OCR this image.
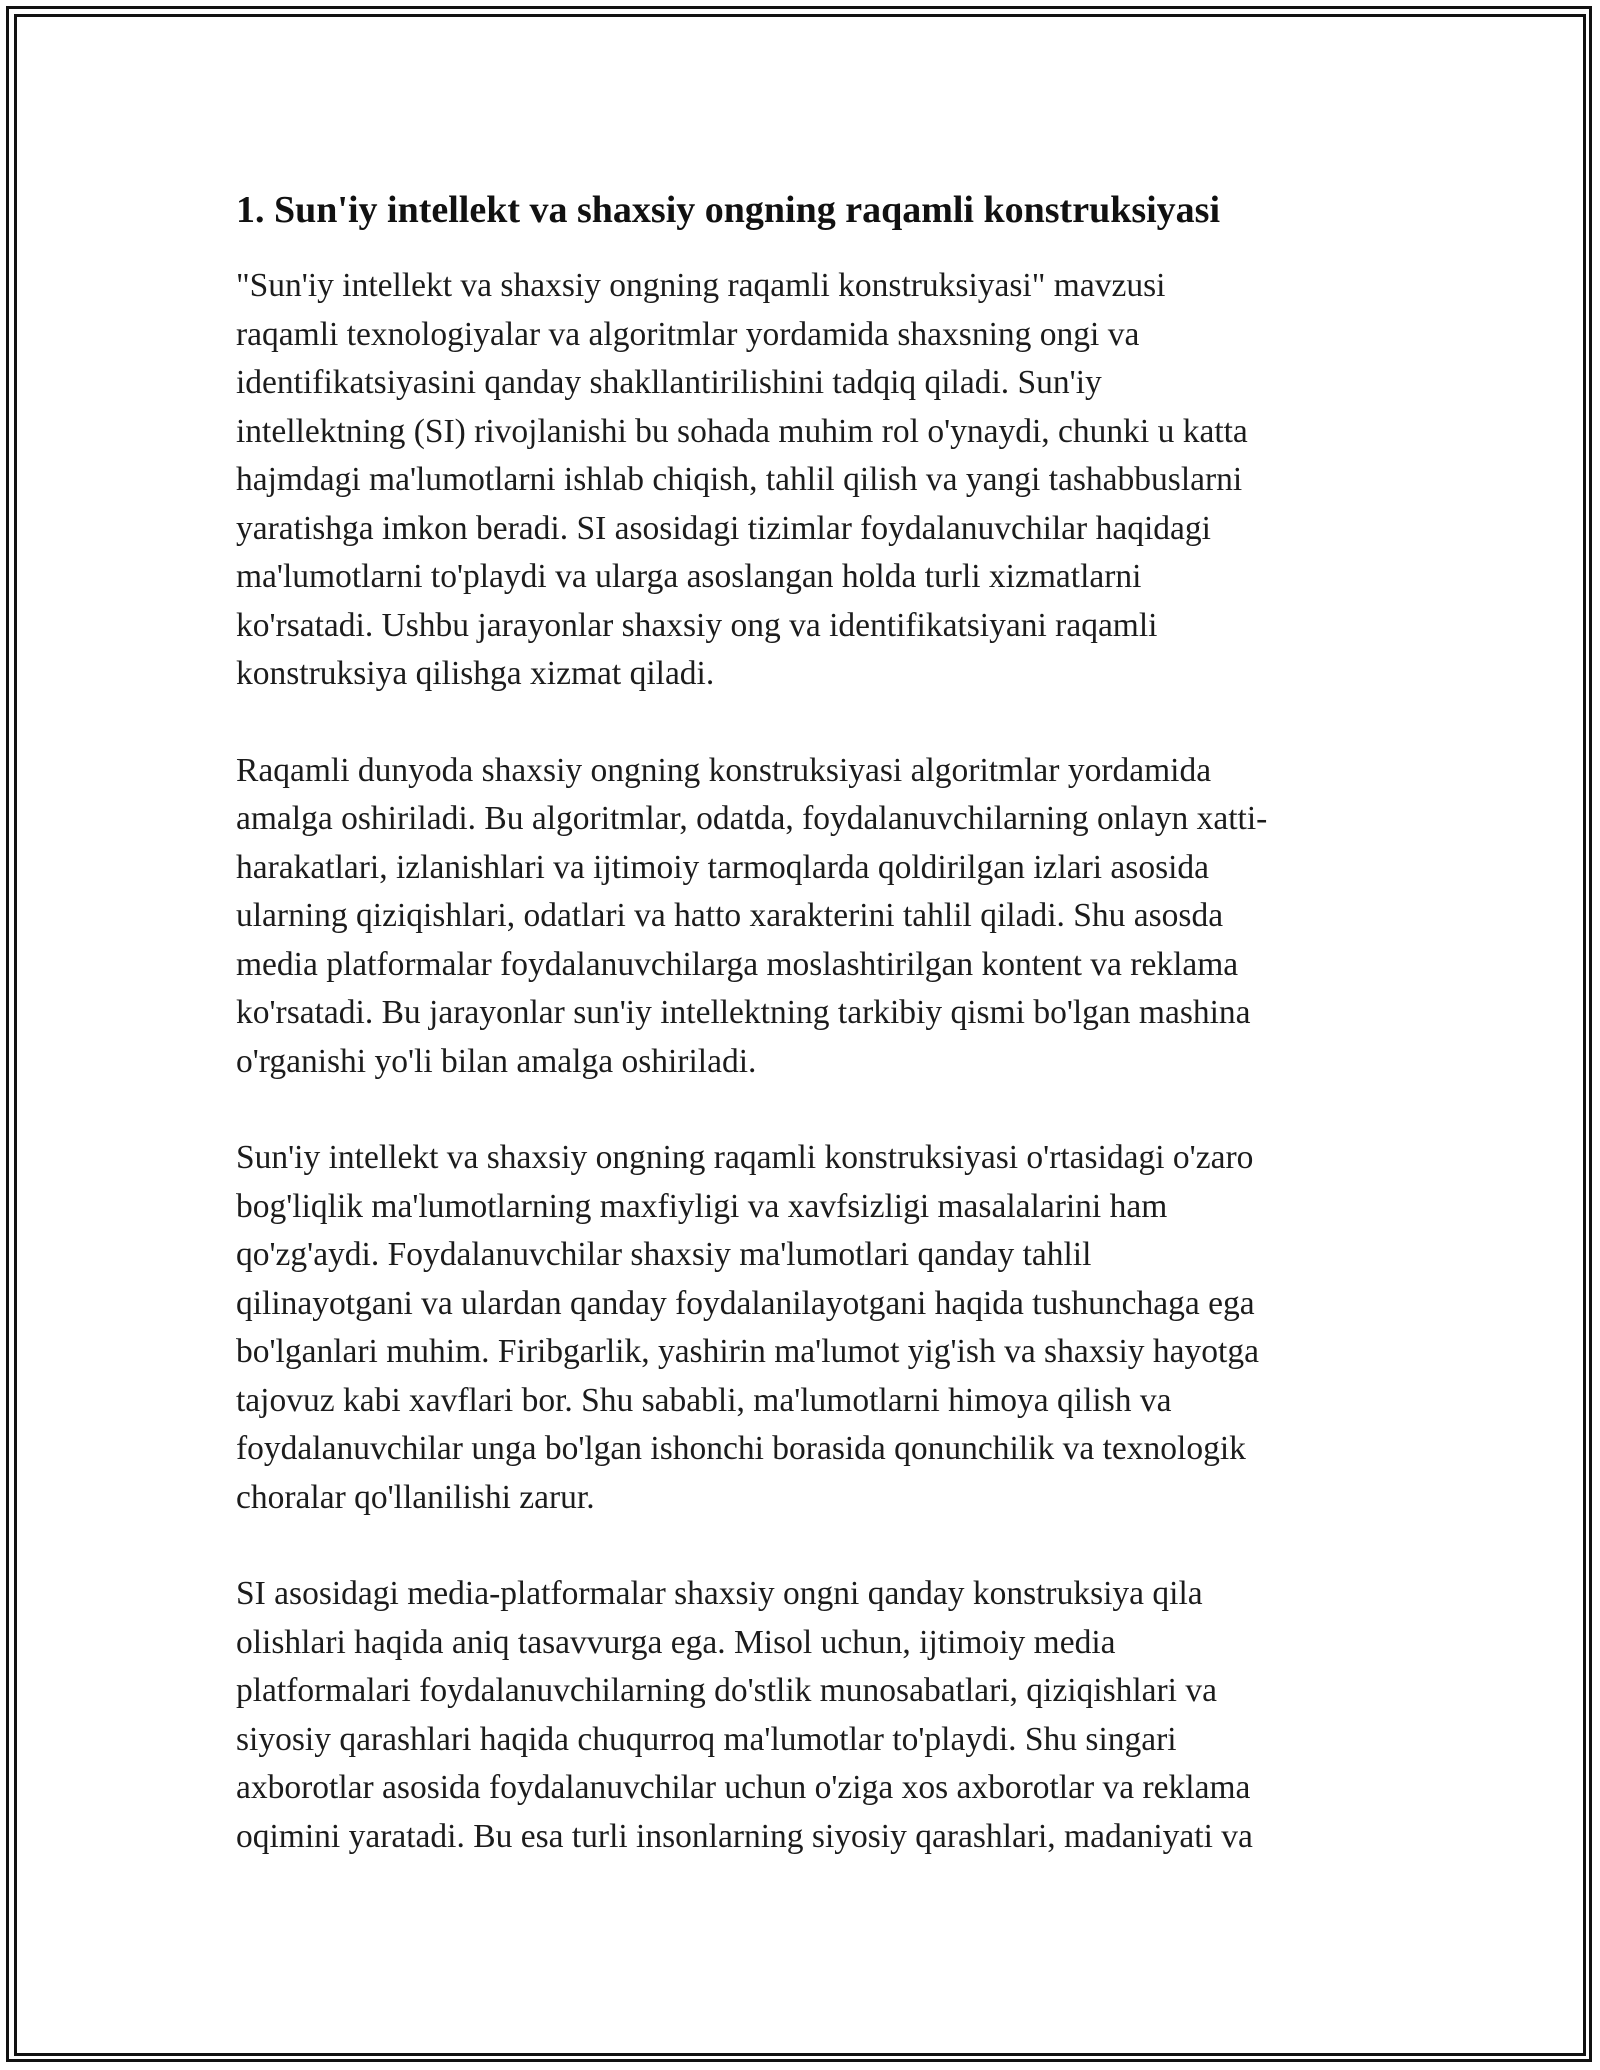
1. Sun'iy intellekt va shaxsiy ongning raqamli konstruksiyasi

"Sun'iy intellekt va shaxsiy ongning raqamli konstruksiyasi" mavzusi
raqamli texnologiyalar va algoritmlar yordamida shaxsning ongi va
identifikatsiyasini qanday shakllantirilishini tadqiq qiladi. Sun'iy
intellektning (SI) rivojlanishi bu sohada muhim rol o'ynaydi, chunki u katta
hajmdagi ma'lumotlarni ishlab chiqish, tahlil qilish va yangi tashabbuslarni
yaratishga imkon beradi. SI asosidagi tizimlar foydalanuvchilar haqidagi
ma'lumotlarni to'playdi va ularga asoslangan holda turli xizmatlarni
ko'rsatadi. Ushbu jarayonlar shaxsiy ong va identifikatsiyani raqamli
konstruksiya qilishga xizmat qiladi.

Raqamli dunyoda shaxsiy ongning konstruksiyasi algoritmlar yordamida
amalga oshiriladi. Bu algoritmlar, odatda, foydalanuvchilarning onlayn xatti-
harakatlari, izlanishlari va ijtimoiy tarmoqlarda qoldirilgan izlari asosida
ularning qiziqishlari, odatlari va hatto xarakterini tahlil qiladi. Shu asosda
media platformalar foydalanuvchilarga moslashtirilgan kontent va reklama
ko'rsatadi. Bu jarayonlar sun'iy intellektning tarkibiy qismi bo'lgan mashina
o'rganishi yo'li bilan amalga oshiriladi.

Sun'iy intellekt va shaxsiy ongning raqamli konstruksiyasi o'rtasidagi o'zaro
bog'liqlik ma'lumotlarning maxfiyligi va xavfsizligi masalalarini ham
qo'zg'aydi. Foydalanuvchilar shaxsiy ma'lumotlari qanday tahlil
qilinayotgani va ulardan qanday foydalanilayotgani haqida tushunchaga ega
bo'lganlari muhim. Firibgarlik, yashirin ma'lumot yig'ish va shaxsiy hayotga
tajovuz kabi xavflari bor. Shu sababli, ma'lumotlarni himoya qilish va
foydalanuvchilar unga bo'lgan ishonchi borasida qonunchilik va texnologik
choralar qo'llanilishi zarur.

SI asosidagi media-platformalar shaxsiy ongni qanday konstruksiya qila
olishlari haqida aniq tasavvurga ega. Misol uchun, ijtimoiy media
platformalari foydalanuvchilarning do'stlik munosabatlari, qiziqishlari va
siyosiy qarashlari haqida chuqurroq ma'lumotlar to'playdi. Shu singari
axborotlar asosida foydalanuvchilar uchun o'ziga xos axborotlar va reklama
oqimini yaratadi. Bu esa turli insonlarning siyosiy qarashlari, madaniyati va
